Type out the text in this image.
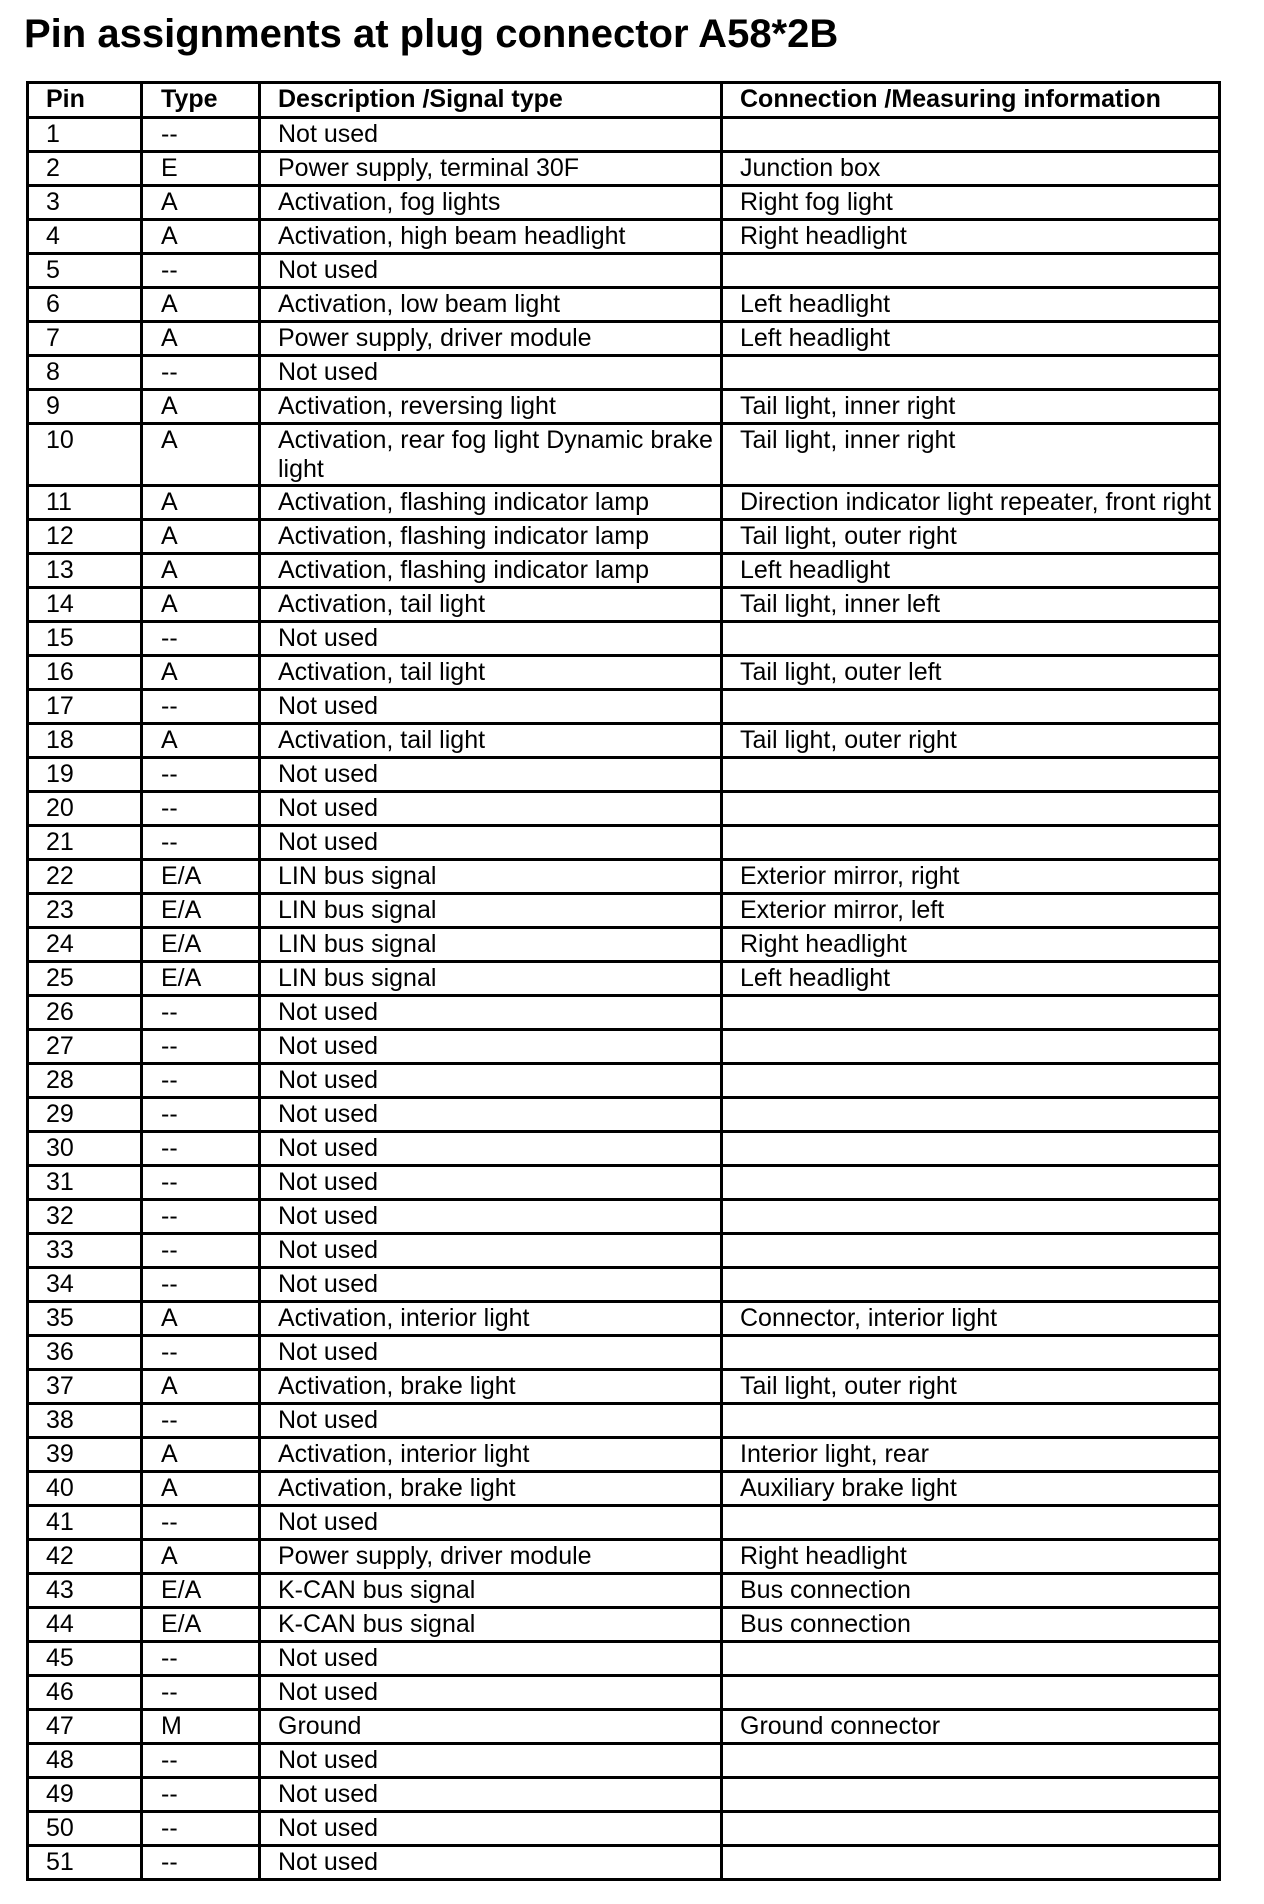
Pin assignments at plug connector A58*2B
Pin	Type	Description /Signal type	Connection /Measuring information
1	--	Not used	
2	E	Power supply, terminal 30F	Junction box
3	A	Activation, fog lights	Right fog light
4	A	Activation, high beam headlight	Right headlight
5	--	Not used	
6	A	Activation, low beam light	Left headlight
7	A	Power supply, driver module	Left headlight
8	--	Not used	
9	A	Activation, reversing light	Tail light, inner right
10	A	Activation, rear fog light Dynamic brake light	Tail light, inner right
11	A	Activation, flashing indicator lamp	Direction indicator light repeater, front right
12	A	Activation, flashing indicator lamp	Tail light, outer right
13	A	Activation, flashing indicator lamp	Left headlight
14	A	Activation, tail light	Tail light, inner left
15	--	Not used	
16	A	Activation, tail light	Tail light, outer left
17	--	Not used	
18	A	Activation, tail light	Tail light, outer right
19	--	Not used	
20	--	Not used	
21	--	Not used	
22	E/A	LIN bus signal	Exterior mirror, right
23	E/A	LIN bus signal	Exterior mirror, left
24	E/A	LIN bus signal	Right headlight
25	E/A	LIN bus signal	Left headlight
26	--	Not used	
27	--	Not used	
28	--	Not used	
29	--	Not used	
30	--	Not used	
31	--	Not used	
32	--	Not used	
33	--	Not used	
34	--	Not used	
35	A	Activation, interior light	Connector, interior light
36	--	Not used	
37	A	Activation, brake light	Tail light, outer right
38	--	Not used	
39	A	Activation, interior light	Interior light, rear
40	A	Activation, brake light	Auxiliary brake light
41	--	Not used	
42	A	Power supply, driver module	Right headlight
43	E/A	K-CAN bus signal	Bus connection
44	E/A	K-CAN bus signal	Bus connection
45	--	Not used	
46	--	Not used	
47	M	Ground	Ground connector
48	--	Not used	
49	--	Not used	
50	--	Not used	
51	--	Not used	
